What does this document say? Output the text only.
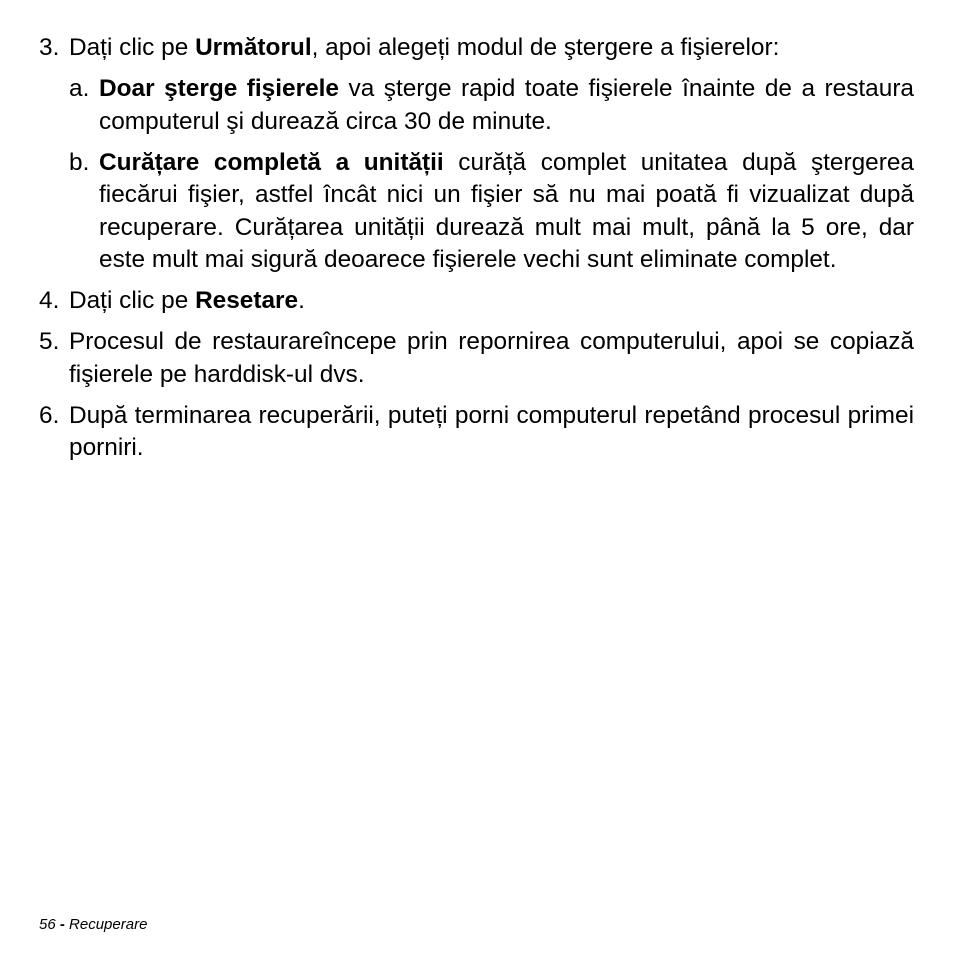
3. Dați clic pe Următorul, apoi alegeți modul de ştergere a fişierelor:
a. Doar şterge fişierele va şterge rapid toate fişierele înainte de a restaura computerul şi durează circa 30 de minute.
b. Curățare completă a unității curăță complet unitatea după ştergerea fiecărui fişier, astfel încât nici un fişier să nu mai poată fi vizualizat după recuperare. Curățarea unității durează mult mai mult, până la 5 ore, dar este mult mai sigură deoarece fişierele vechi sunt eliminate complet.
4. Dați clic pe Resetare.
5. Procesul de restaurareîncepe prin repornirea computerului, apoi se copiază fişierele pe harddisk-ul dvs.
6. După terminarea recuperării, puteți porni computerul repetând procesul primei porniri.
56 - Recuperare
